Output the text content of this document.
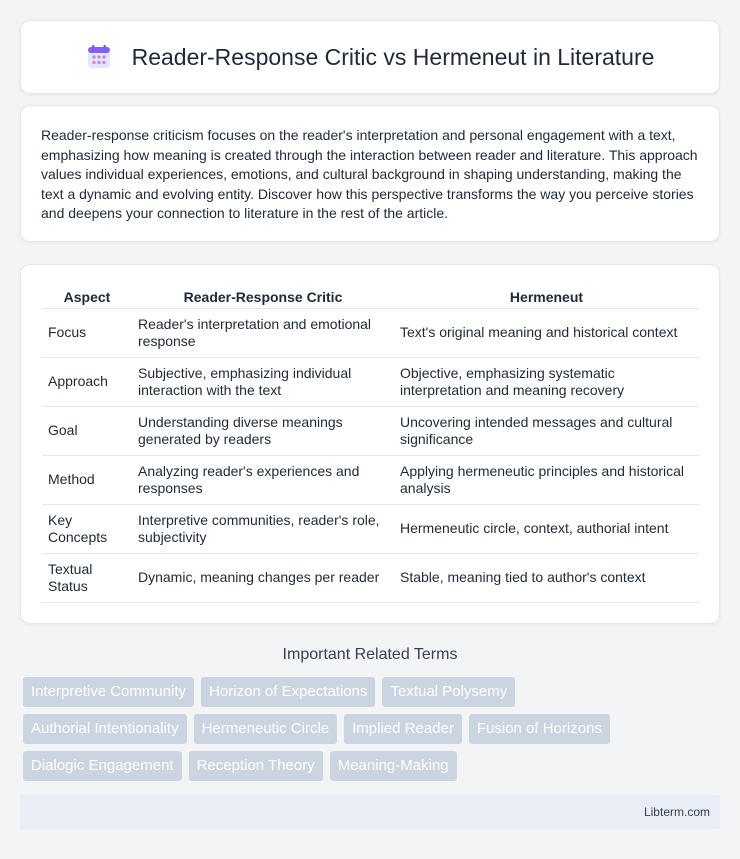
Reader-Response Critic vs Hermeneut in Literature

Reader-response criticism focuses on the reader's interpretation and personal engagement with a text, emphasizing how meaning is created through the interaction between reader and literature. This approach values individual experiences, emotions, and cultural background in shaping understanding, making the text a dynamic and evolving entity. Discover how this perspective transforms the way you perceive stories and deepens your connection to literature in the rest of the article.

Aspect	Reader-Response Critic	Hermeneut
Focus	Reader's interpretation and emotional response	Text's original meaning and historical context
Approach	Subjective, emphasizing individual interaction with the text	Objective, emphasizing systematic interpretation and meaning recovery
Goal	Understanding diverse meanings generated by readers	Uncovering intended messages and cultural significance
Method	Analyzing reader's experiences and responses	Applying hermeneutic principles and historical analysis
Key Concepts	Interpretive communities, reader's role, subjectivity	Hermeneutic circle, context, authorial intent
Textual Status	Dynamic, meaning changes per reader	Stable, meaning tied to author's context
Important Related Terms
Interpretive Community	Horizon of Expectations	Textual Polysemy
Authorial Intentionality	Hermeneutic Circle	Implied Reader	Fusion of Horizons
Dialogic Engagement	Reception Theory	Meaning-Making
Libterm.com
